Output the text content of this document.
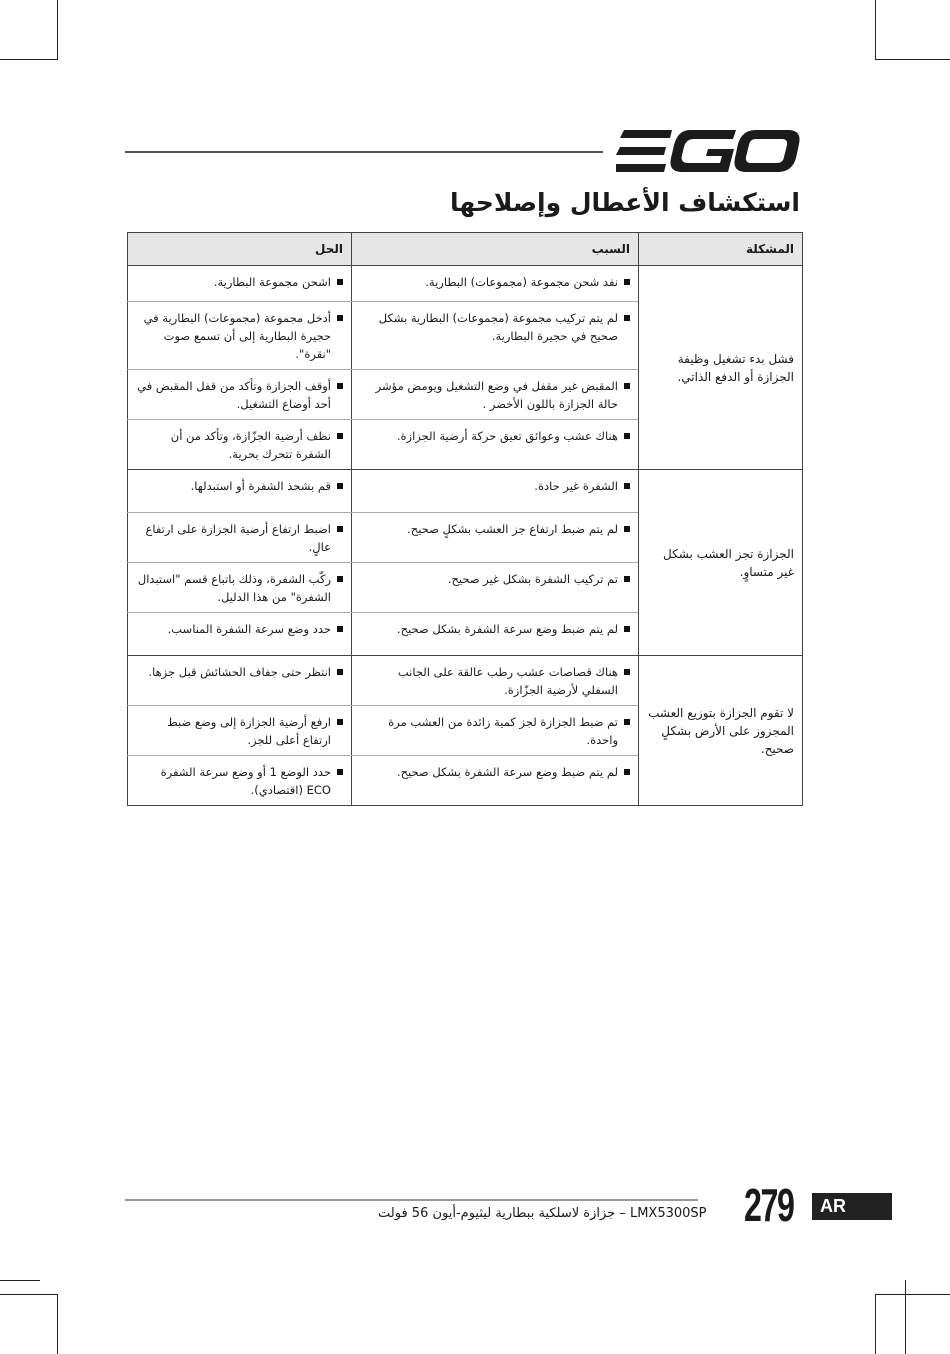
استكشاف الأعطال وإصلاحها
المشكلة	السبب	الحل
فشل بدء تشغيل وظيفة الجزازة أو الدفع الذاتي.	نفد شحن مجموعة (مجموعات) البطارية.	اشحن مجموعة البطارية.

	لم يتم تركيب مجموعة (مجموعات) البطارية بشكل صحيح في حجيرة البطارية.	أدخل مجموعة (مجموعات) البطارية في حجيرة البطارية إلى أن تسمع صوت "نقرة".

	المقبض غير مقفل في وضع التشغيل ويومض مؤشر حالة الجزازة باللون الأخضر .	أوقف الجزازة وتأكد من قفل المقبض في أحد أوضاع التشغيل.

	هناك عشب وعوائق تعيق حركة أرضية الجزازة.	نظف أرضية الجزّازة، وتأكد من أن الشفرة تتحرك بحرية.

الجزازة تجز العشب بشكل غير متساوٍ.	الشفرة غير حادة.	قم بشحذ الشفرة أو استبدلها.

	لم يتم ضبط ارتفاع جز العشب بشكلٍ صحيح.	اضبط ارتفاع أرضية الجزازة على ارتفاع عالٍ.

	تم تركيب الشفرة بشكل غير صحيح.	ركّب الشفرة، وذلك باتباع قسم "استبدال الشفرة" من هذا الدليل.

	لم يتم ضبط وضع سرعة الشفرة بشكل صحيح.	حدد وضع سرعة الشفرة المناسب.

لا تقوم الجزازة بتوزيع العشب المجزوز على الأرض بشكلٍ صحيح.	هناك قصاصات عشب رطب عالقة على الجانب السفلي لأرضية الجزّازة.	انتظر حتى جفاف الحشائش قبل جزها.

	تم ضبط الجزازة لجز كمية زائدة من العشب مرة واحدة.	ارفع أرضية الجزازة إلى وضع ضبط ارتفاع أعلى للجز.

	لم يتم ضبط وضع سرعة الشفرة بشكل صحيح.	حدد الوضع 1 أو وضع سرعة الشفرة ECO (اقتصادي).
LMX5300SP – جزازة لاسلكية ببطارية ليثيوم-أيون 56 فولت 279	AR
